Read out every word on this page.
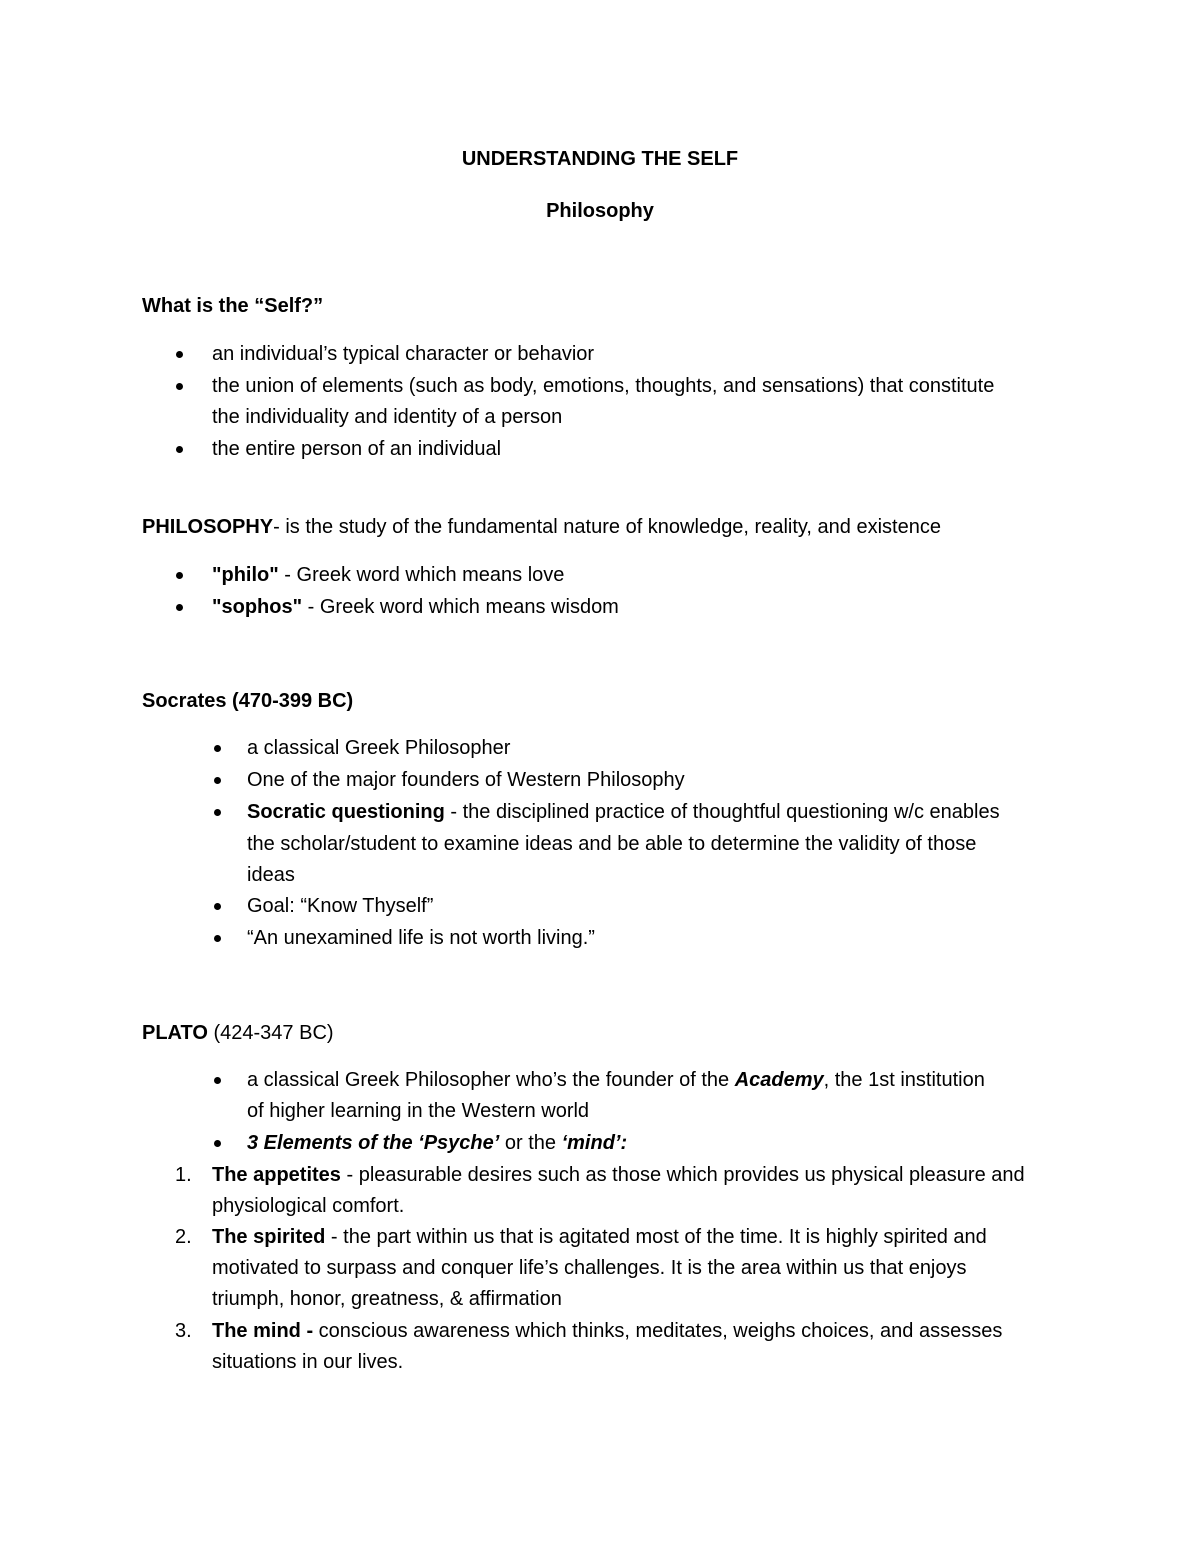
UNDERSTANDING THE SELF
Philosophy
What is the “Self?”
an individual’s typical character or behavior
the union of elements (such as body, emotions, thoughts, and sensations) that constitute
the individuality and identity of a person
the entire person of an individual
PHILOSOPHY- is the study of the fundamental nature of knowledge, reality, and existence
"philo" - Greek word which means love
"sophos" - Greek word which means wisdom
Socrates (470-399 BC)
a classical Greek Philosopher
One of the major founders of Western Philosophy
Socratic questioning - the disciplined practice of thoughtful questioning w/c enables
the scholar/student to examine ideas and be able to determine the validity of those
ideas
Goal: “Know Thyself”
“An unexamined life is not worth living.”
PLATO (424-347 BC)
a classical Greek Philosopher who’s the founder of the Academy, the 1st institution
of higher learning in the Western world
3 Elements of the ‘Psyche’ or the ‘mind’:
1. The appetites - pleasurable desires such as those which provides us physical pleasure and
physiological comfort.
2. The spirited - the part within us that is agitated most of the time. It is highly spirited and
motivated to surpass and conquer life’s challenges. It is the area within us that enjoys
triumph, honor, greatness, & affirmation
3. The mind - conscious awareness which thinks, meditates, weighs choices, and assesses
situations in our lives.
